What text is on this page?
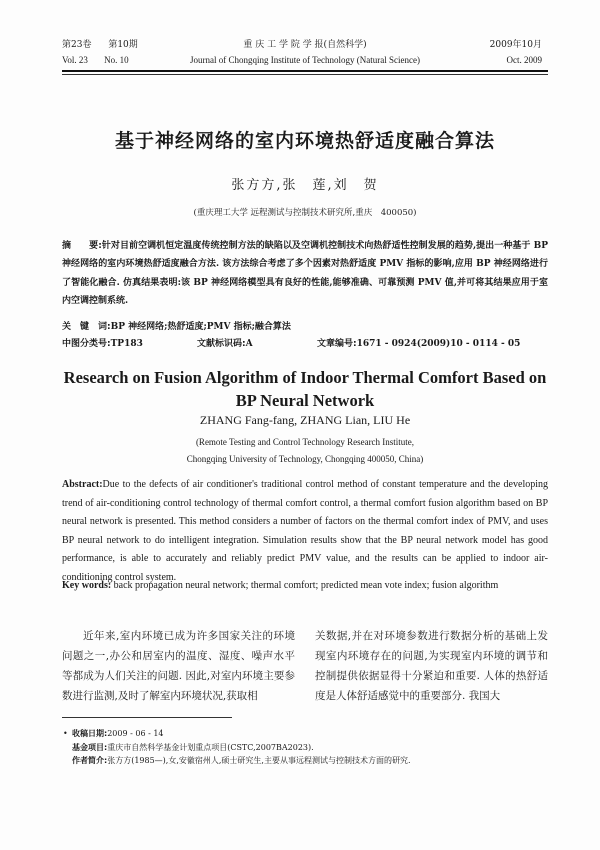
第23卷 第10期	重 庆 工 学 院 学 报(自然科学)	2009年10月
Vol. 23 No. 10	Journal of Chongqing Institute of Technology (Natural Science)	Oct. 2009
基于神经网络的室内环境热舒适度融合算法
张方方,张　莲,刘　贺
(重庆理工大学 远程测试与控制技术研究所,重庆　400050)
摘　　要:针对目前空调机恒定温度传统控制方法的缺陷以及空调机控制技术向热舒适性控制发展的趋势,提出一种基于 BP 神经网络的室内环境热舒适度融合方法. 该方法综合考虑了多个因素对热舒适度 PMV 指标的影响,应用 BP 神经网络进行了智能化融合. 仿真结果表明:该 BP 神经网络模型具有良好的性能,能够准确、可靠预测 PMV 值,并可将其结果应用于室内空调控制系统.
关　键　词:BP 神经网络;热舒适度;PMV 指标;融合算法
中图分类号:TP183	文献标识码:A	文章编号:1671 - 0924(2009)10 - 0114 - 05
Research on Fusion Algorithm of Indoor Thermal Comfort Based on BP Neural Network
ZHANG Fang-fang, ZHANG Lian, LIU He
(Remote Testing and Control Technology Research Institute,
Chongqing University of Technology, Chongqing 400050, China)
Abstract:Due to the defects of air conditioner's traditional control method of constant temperature and the developing trend of air-conditioning control technology of thermal comfort control, a thermal comfort fusion algorithm based on BP neural network is presented. This method considers a number of factors on the thermal comfort index of PMV, and uses BP neural network to do intelligent integration. Simulation results show that the BP neural network model has good performance, is able to accurately and reliably predict PMV value, and the results can be applied to indoor air-conditioning control system.
Key words: back propagation neural network; thermal comfort; predicted mean vote index; fusion algorithm
近年来,室内环境已成为许多国家关注的环境问题之一,办公和居室内的温度、湿度、噪声水平等都成为人们关注的问题. 因此,对室内环境主要参数进行监测,及时了解室内环境状况,获取相
关数据,并在对环境参数进行数据分析的基础上发现室内环境存在的问题,为实现室内环境的调节和控制提供依据显得十分紧迫和重要. 人体的热舒适度是人体舒适感觉中的重要部分. 我国大
• 收稿日期:2009 - 06 - 14
基金项目:重庆市自然科学基金计划重点项目(CSTC,2007BA2023).
作者简介:张方方(1985—),女,安徽宿州人,硕士研究生,主要从事远程测试与控制技术方面的研究.
